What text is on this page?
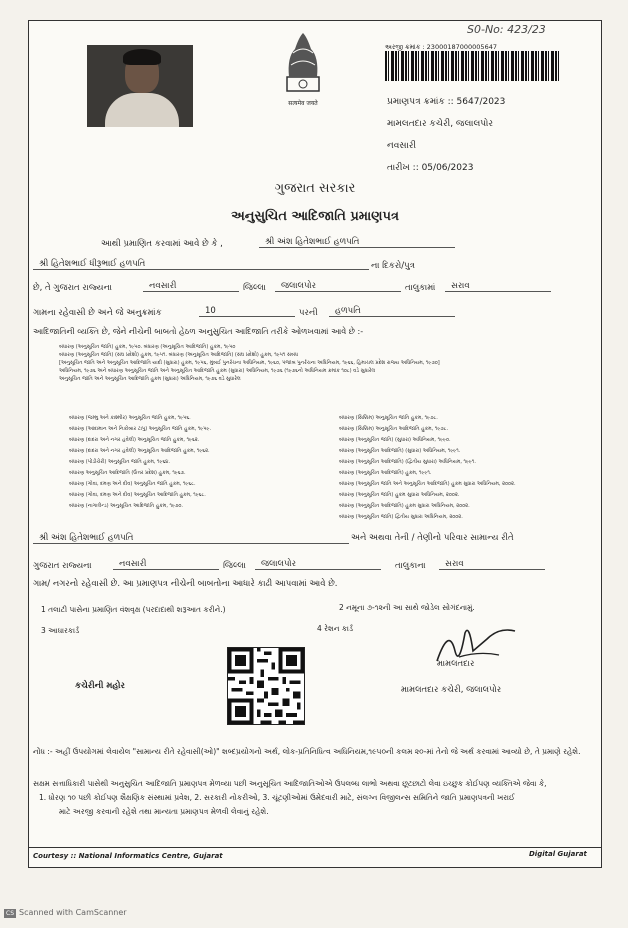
S0-No: 423/23
सत्यमेव जयते
અરજી ક્રમાંક : 23000187000005647
પ્રમાણપત્ર ક્રમાંક :: 5647/2023
મામલતદાર કચેરી, જલાલપોર
નવસારી
તારીખ :: 05/06/2023
ગુજરાત સરકાર
અનુસુચિત આદિજાતિ પ્રમાણપત્ર
આથી પ્રમાણિત કરવામાં આવે છે કે ,	શ્રી અંશ હિતેશભાઈ હળપતિ
શ્રી હિતેશભાઈ ધીરૂભાઈ હળપતિ	ના દિકરો/પુત્ર
છે, તે ગુજરાત રાજ્યના	નવસારી	જિલ્લા	જલાલપોર	તાલુકામાં	સરાવ
ગામના રહેવાસી છે અને જે અનુક્રમાંક	10	પરની	હળપતિ
આદિજાતિની વ્યક્તિ છે, જેને નીચેની બાબતો હેઠળ અનુસુચિત આદિજાતિ તરીકે ઓળખવામાં આવે છે :-
બંધારણ (અનુસૂચિત જાતિ) હુકમ, ૧૯૫૦. બંધારણ (અનુસૂચિત આદિજાતિ) હુકમ, ૧૯૫૦
બંધારણ (અનુસૂચિત જાતિ) (સંઘ પ્રદેશો) હુકમ, ૧૯૫૧. બંધારણ (અનુસૂચિત આદિજાતિ) (સંઘ પ્રદેશો) હુકમ, ૧૯૫૧ સંબંધ
[અનુસૂચિત જાતિ અને અનુસૂચિત આદિજાતિ યાદી (સુધારા) હુકમ, ૧૯૫૬, મુંબઈ પુનર્રચના અધિનિયમ, ૧૯૬૦, પંજાબ પુનર્રચના અધિનિયમ, ૧૯૬૬, હિમાચલ પ્રદેશ રાજ્ય અધિનિયમ, ૧૯૭૦]
અધિનિયમ, ૧૯૭૬ અને બંધારણ અનુસૂચિત જાતિ અને અનુસૂચિત આદિજાતિ હુકમ (સુધારા) અધિનિયમ, ૧૯૭૬ (૧૯૭૬નો અધિનિયમ ક્રમાંક ૧૦૮) વડે સુધારેલ
અનુસૂચિત જાતિ અને અનુસૂચિત આદિજાતિ હુકમ (સુધારા) અધિનિયમ, ૧૯૭૬ વડે સુધારેલ
બંધારણ (જમ્મુ અને કાશ્મીર) અનુસૂચિત જાતિ હુકમ, ૧૯૫૬.
બંધારણ (આંદામાન અને નિકોબાર ટાપુ) અનુસૂચિત જાતિ હુકમ, ૧૯૫૯.
બંધારણ (દાદરા અને નગર હવેલી) અનુસૂચિત જાતિ હુકમ, ૧૯૬૨.
બંધારણ (દાદરા અને નગર હવેલી) અનુસૂચિત આદિજાતિ હુકમ, ૧૯૬૨.
બંધારણ (પોંડીચેરી) અનુસૂચિત જાતિ હુકમ, ૧૯૬૪.
બંધારણ અનુસૂચિત આદિજાતિ (ઉત્તર પ્રદેશ) હુકમ, ૧૯૬૭.
બંધારણ (ગોવા, દમણ અને દીવ) અનુસૂચિત જાતિ હુકમ, ૧૯૬૮.
બંધારણ (ગોવા, દમણ અને દીવ) અનુસૂચિત આદિજાતિ હુકમ, ૧૯૬૮.
બંધારણ (નાગાલેન્ડ) અનુસૂચિત આદિજાતિ હુકમ, ૧૯૭૦.
બંધારણ (સિક્કિમ) અનુસૂચિત જાતિ હુકમ, ૧૯૭૮.
બંધારણ (સિક્કિમ) અનુસૂચિત આદિજાતિ હુકમ, ૧૯૭૮.
બંધારણ (અનુસૂચિત જાતિ) (સુધારા) અધિનિયમ, ૧૯૯૦.
બંધારણ (અનુસૂચિત આદિજાતિ) (સુધારા) અધિનિયમ, ૧૯૯૧.
બંધારણ (અનુસૂચિત આદિજાતિ) (દ્વિતીય સુધારા) અધિનિયમ, ૧૯૯૧.
બંધારણ (અનુસૂચિત આદિજાતિ) હુકમ, ૧૯૯૧.
બંધારણ (અનુસૂચિત જાતિ અને અનુસૂચિત આદિજાતિ) હુકમ સુધારા અધિનિયમ, ૨૦૦૨.
બંધારણ (અનુસૂચિત જાતિ) હુકમ સુધારા અધિનિયમ, ૨૦૦૨.
બંધારણ (અનુસૂચિત આદિજાતિ) હુકમ સુધારા અધિનિયમ, ૨૦૦૨.
બંધારણ (અનુસૂચિત જાતિ) દ્વિતીય સુધારા અધિનિયમ, ૨૦૦૨.
શ્રી અંશ હિતેશભાઈ હળપતિ	અને અથવા તેની / તેણીનો પરિવાર સામાન્ય રીતે
ગુજરાત રાજ્યના	નવસારી	જિલ્લા	જલાલપોર	તાલુકાના	સરાવ
ગામ/ નગરનો રહેવાસી છે. આ પ્રમાણપત્ર નીચેની બાબતોના આધારે કાઢી આપવામાં આવે છે.
1 તલાટી પાસેના પ્રમાણિત વંશવૃક્ષ (પરદાદાથી શરૂઆત કરીને.)	2 નમૂના ૭-૧૨ની આ સાથે જોડેલ સોગંદનામું.
3 આધારકાર્ડ	4 રેશન કાર્ડ
કચેરીની મહોર
મામલતદાર
મામલતદાર કચેરી, જલાલપોર
નોંધ :- અહીં ઉપયોગમાં લેવાયેલ "સામાન્ય રીતે રહેવાસી(ઓ)" શબ્દપ્રયોગનો અર્થ, લોક-પ્રતિનિધિત્વ અધિનિયમ,૧૯૫૦ની કલમ ૨૦-માં તેનો જે અર્થ કરવામાં આવ્યો છે, તે પ્રમાણે રહેશે.
સક્ષમ સત્તાધિકારી પાસેથી અનુસુચિત આદિજાતિ પ્રમાણપત્ર મેળવ્યા પછી અનુસૂચિત આદિજાતિઓએ ઉપલબ્ધ લાભો અથવા છૂટછાટો લેવા ઇચ્છુક કોઈપણ વ્યક્તિએ જેવા કે,
1. ધોરણ ૧૦ પછી કોઈપણ શૈક્ષણિક સંસ્થામાં પ્રવેશ, 2. સરકારી નોકરીઓ, 3. ચૂંટણીઓમાં ઉમેદવારી માટે, સંલગ્ન વિજીલન્સ સમિતિને જાતિ પ્રમાણપત્રની ખરાઈ
માટે અરજી કરવાની રહેશે તથા માન્યતા પ્રમાણપત્ર મેળવી લેવાનું રહેશે.
Courtesy :: National Informatics Centre, Gujarat	Digital Gujarat
CS Scanned with CamScanner
